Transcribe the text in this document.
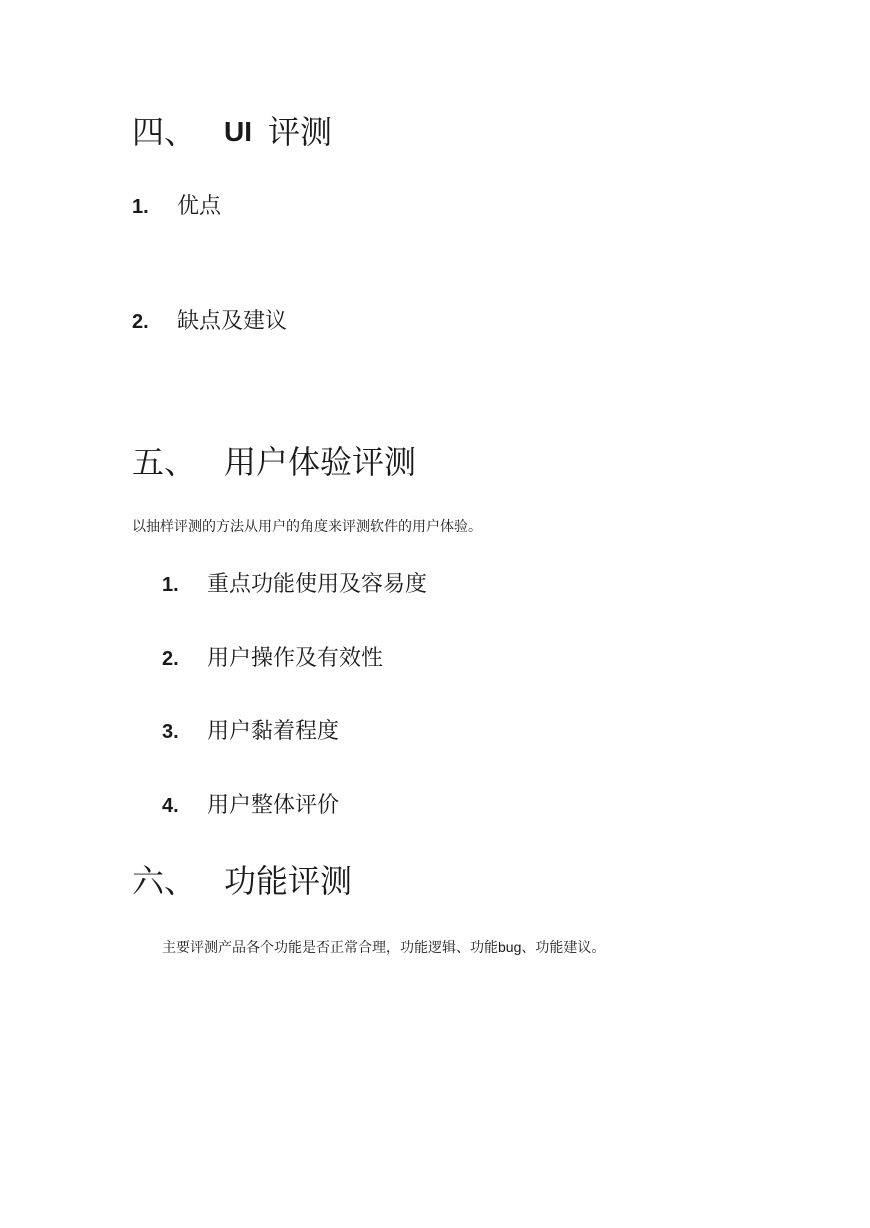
四、 UI 评测
1.	优点
2.	缺点及建议
五、 用户体验评测
以抽样评测的方法从用户的角度来评测软件的用户体验。
1.	重点功能使用及容易度
2.	用户操作及有效性
3.	用户黏着程度
4.	用户整体评价
六、 功能评测
主要评测产品各个功能是否正常合理，功能逻辑、功能bug、功能建议。
